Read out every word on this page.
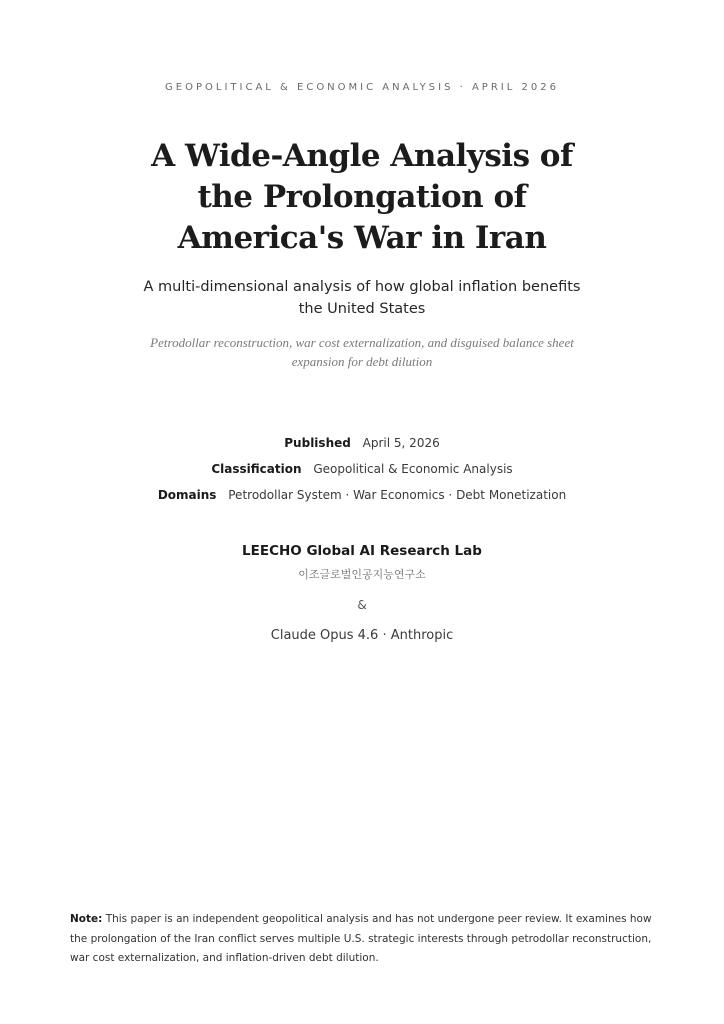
GEOPOLITICAL & ECONOMIC ANALYSIS · APRIL 2026
A Wide-Angle Analysis of
the Prolongation of
America's War in Iran
A multi-dimensional analysis of how global inflation benefits the United States
Petrodollar reconstruction, war cost externalization, and disguised balance sheet expansion for debt dilution
Published April 5, 2026
Classification Geopolitical & Economic Analysis
Domains Petrodollar System · War Economics · Debt Monetization
LEECHO Global AI Research Lab
이조글로벌인공지능연구소
&
Claude Opus 4.6 · Anthropic
Note: This paper is an independent geopolitical analysis and has not undergone peer review. It examines how the prolongation of the Iran conflict serves multiple U.S. strategic interests through petrodollar reconstruction, war cost externalization, and inflation-driven debt dilution.
